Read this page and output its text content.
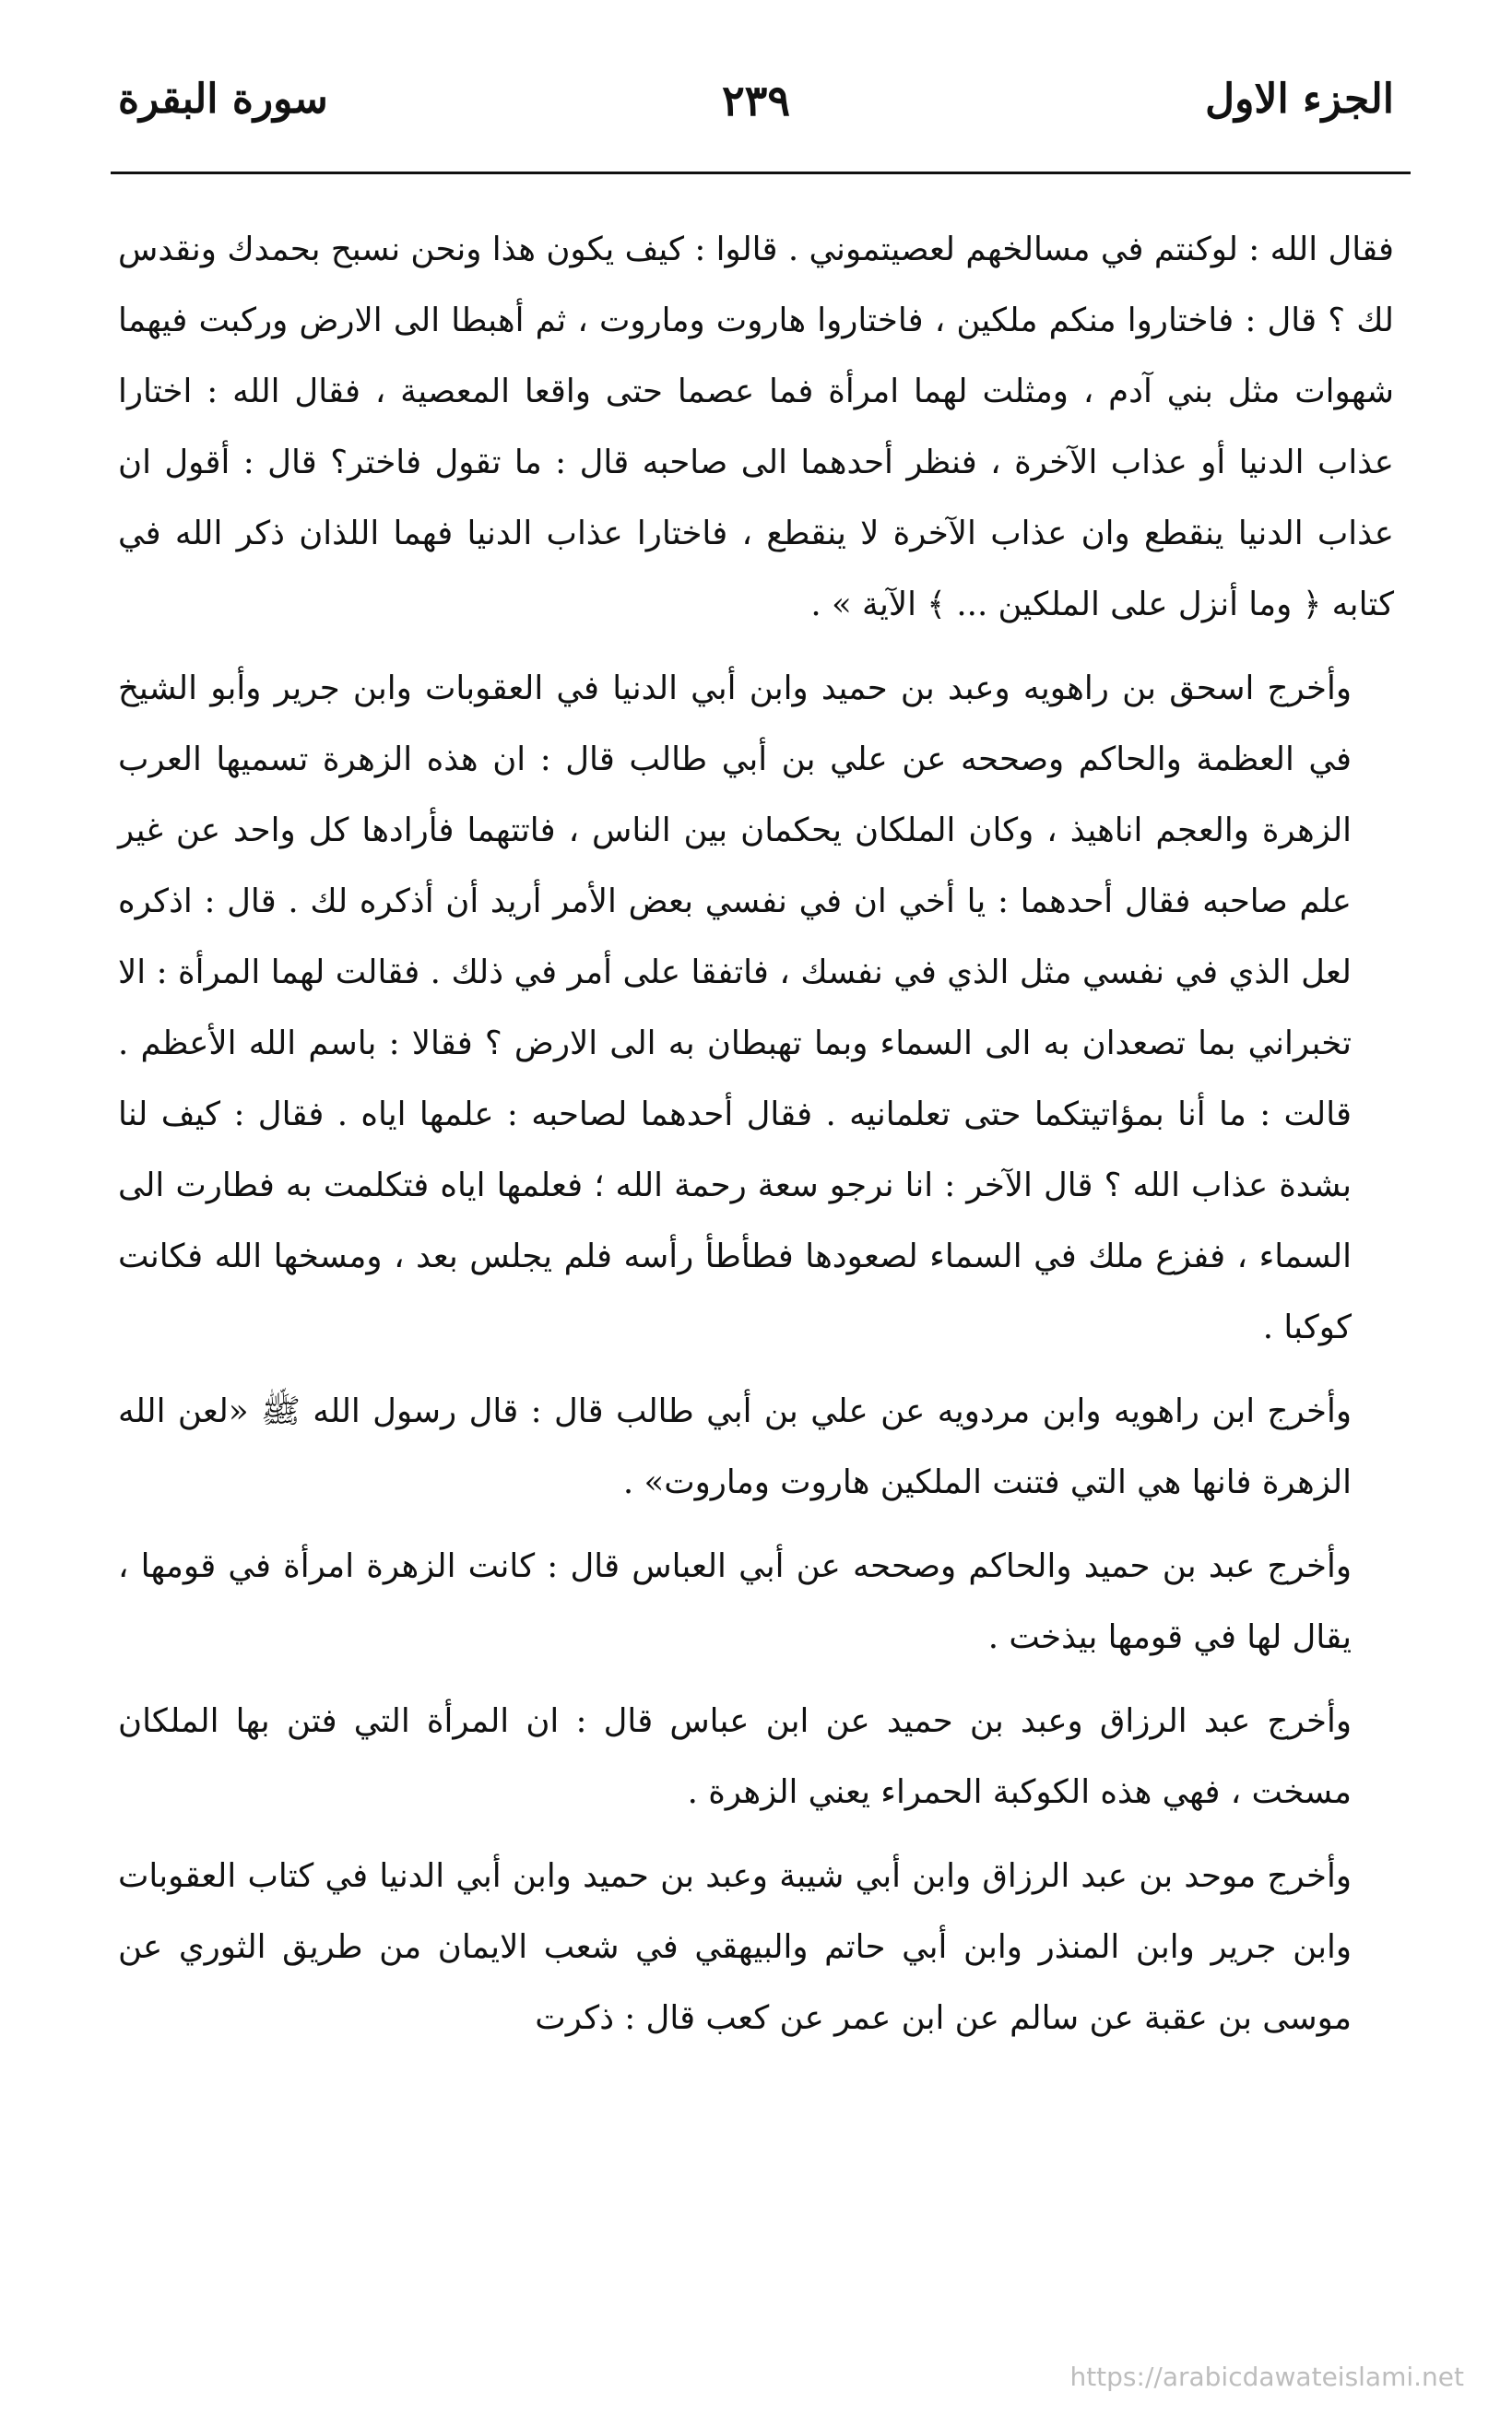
الجزء الاول
٢٣٩
سورة البقرة

فقال الله : لوكنتم في مسالخهم لعصيتموني . قالوا : كيف يكون هذا ونحن نسبح بحمدك ونقدس لك ؟ قال : فاختاروا منكم ملكين ، فاختاروا هاروت وماروت ، ثم أهبطا الى الارض وركبت فيهما شهوات مثل بني آدم ، ومثلت لهما امرأة فما عصما حتى واقعا المعصية ، فقال الله : اختارا عذاب الدنيا أو عذاب الآخرة ، فنظر أحدهما الى صاحبه قال : ما تقول فاختر؟ قال : أقول ان عذاب الدنيا ينقطع وان عذاب الآخرة لا ينقطع ، فاختارا عذاب الدنيا فهما اللذان ذكر الله في كتابه ﴿ وما أنزل على الملكين ... ﴾ الآية » .

وأخرج اسحق بن راهويه وعبد بن حميد وابن أبي الدنيا في العقوبات وابن جرير وأبو الشيخ في العظمة والحاكم وصححه عن علي بن أبي طالب قال : ان هذه الزهرة تسميها العرب الزهرة والعجم اناهيذ ، وكان الملكان يحكمان بين الناس ، فاتتهما فأرادها كل واحد عن غير علم صاحبه فقال أحدهما : يا أخي ان في نفسي بعض الأمر أريد أن أذكره لك . قال : اذكره لعل الذي في نفسي مثل الذي في نفسك ، فاتفقا على أمر في ذلك . فقالت لهما المرأة : الا تخبراني بما تصعدان به الى السماء وبما تهبطان به الى الارض ؟ فقالا : باسم الله الأعظم . قالت : ما أنا بمؤاتيتكما حتى تعلمانيه . فقال أحدهما لصاحبه : علمها اياه . فقال : كيف لنا بشدة عذاب الله ؟ قال الآخر : انا نرجو سعة رحمة الله ؛ فعلمها اياه فتكلمت به فطارت الى السماء ، ففزع ملك في السماء لصعودها فطأطأ رأسه فلم يجلس بعد ، ومسخها الله فكانت كوكبا .

وأخرج ابن راهويه وابن مردويه عن علي بن أبي طالب قال : قال رسول الله ﷺ «لعن الله الزهرة فانها هي التي فتنت الملكين هاروت وماروت» .

وأخرج عبد بن حميد والحاكم وصححه عن أبي العباس قال : كانت الزهرة امرأة في قومها ، يقال لها في قومها بيذخت .

وأخرج عبد الرزاق وعبد بن حميد عن ابن عباس قال : ان المرأة التي فتن بها الملكان مسخت ، فهي هذه الكوكبة الحمراء يعني الزهرة .

وأخرج موحد بن عبد الرزاق وابن أبي شيبة وعبد بن حميد وابن أبي الدنيا في كتاب العقوبات وابن جرير وابن المنذر وابن أبي حاتم والبيهقي في شعب الايمان من طريق الثوري عن موسى بن عقبة عن سالم عن ابن عمر عن كعب قال : ذكرت

https://arabicdawateislami.net
